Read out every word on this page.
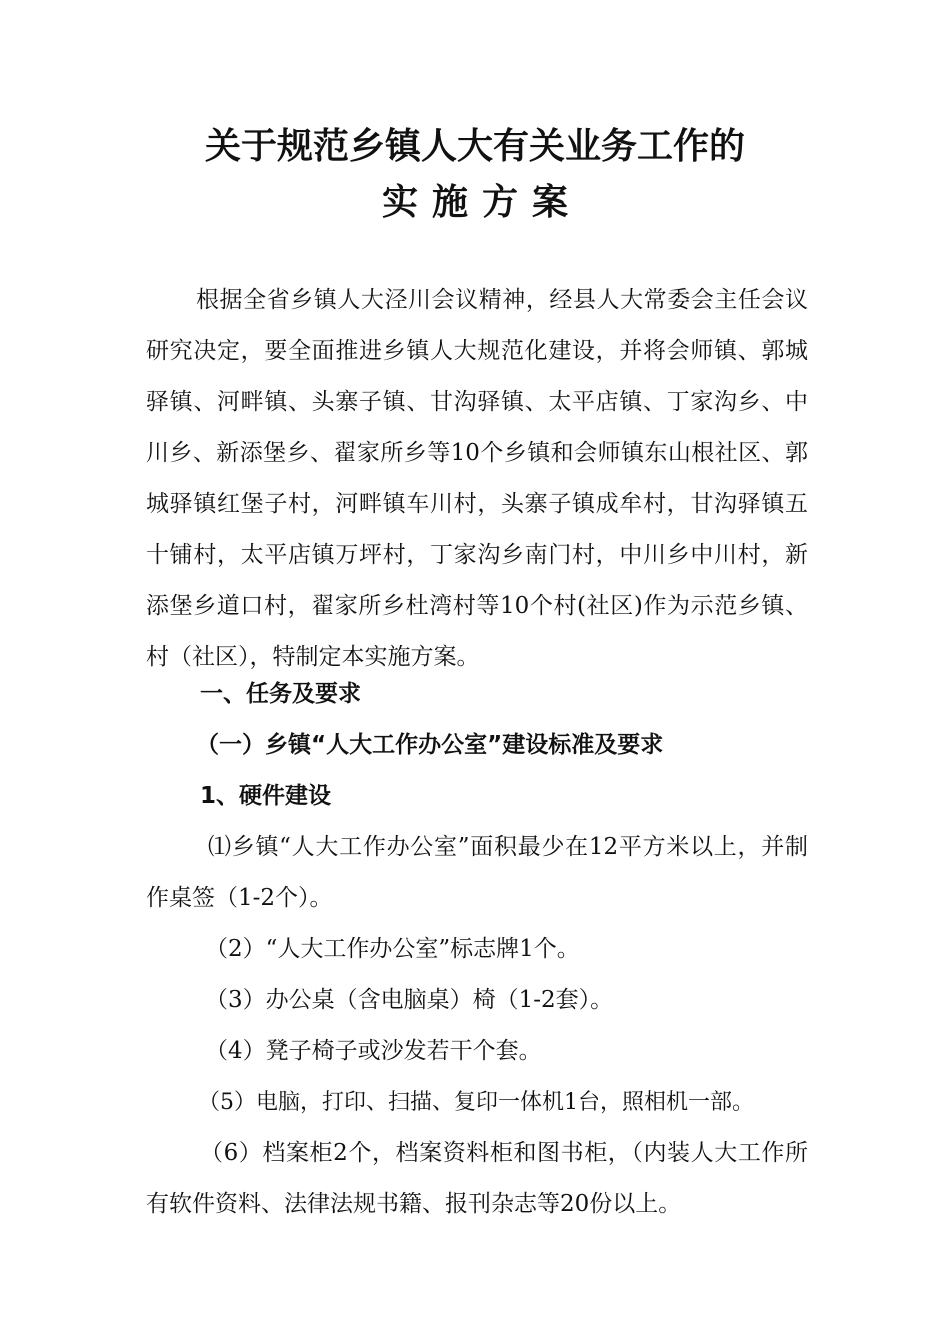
关于规范乡镇人大有关业务工作的
实施方案

根据全省乡镇人大泾川会议精神，经县人大常委会主任会议研究决定，要全面推进乡镇人大规范化建设，并将会师镇、郭城驿镇、河畔镇、头寨子镇、甘沟驿镇、太平店镇、丁家沟乡、中川乡、新添堡乡、翟家所乡等10个乡镇和会师镇东山根社区、郭城驿镇红堡子村，河畔镇车川村，头寨子镇成牟村，甘沟驿镇五十铺村，太平店镇万坪村，丁家沟乡南门村，中川乡中川村，新添堡乡道口村，翟家所乡杜湾村等10个村(社区)作为示范乡镇、村（社区），特制定本实施方案。

一、任务及要求

（一）乡镇“人大工作办公室”建设标准及要求

1、硬件建设

⑴乡镇“人大工作办公室”面积最少在12平方米以上，并制作桌签（1-2个）。

（2）“人大工作办公室”标志牌1个。

（3）办公桌（含电脑桌）椅（1-2套）。

（4）凳子椅子或沙发若干个套。

（5）电脑，打印、扫描、复印一体机1台，照相机一部。

（6）档案柜2个，档案资料柜和图书柜，（内装人大工作所有软件资料、法律法规书籍、报刊杂志等20份以上。
